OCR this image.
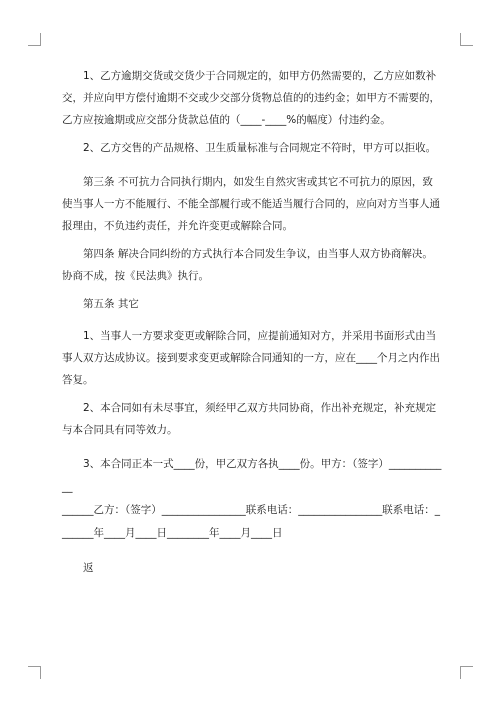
1、乙方逾期交货或交货少于合同规定的，如甲方仍然需要的，乙方应如数补交，并应向甲方偿付逾期不交或少交部分货物总值的的违约金；如甲方不需要的，乙方应按逾期或应交部分货款总值的（____-____%的幅度）付违约金。

2、乙方交售的产品规格、卫生质量标准与合同规定不符时，甲方可以拒收。

第三条 不可抗力合同执行期内，如发生自然灾害或其它不可抗力的原因，致使当事人一方不能履行、不能全部履行或不能适当履行合同的，应向对方当事人通报理由，不负违约责任，并允许变更或解除合同。

第四条 解决合同纠纷的方式执行本合同发生争议，由当事人双方协商解决。协商不成，按《民法典》执行。

第五条 其它

1、当事人一方要求变更或解除合同，应提前通知对方，并采用书面形式由当事人双方达成协议。接到要求变更或解除合同通知的一方，应在____个月之内作出答复。

2、本合同如有未尽事宜，须经甲乙双方共同协商，作出补充规定，补充规定与本合同具有同等效力。

3、本合同正本一式____份，甲乙双方各执____份。甲方：（签字）____________
______乙方：（签字）________________联系电话：________________联系电话：_
______年____月____日________年____月____日

返
